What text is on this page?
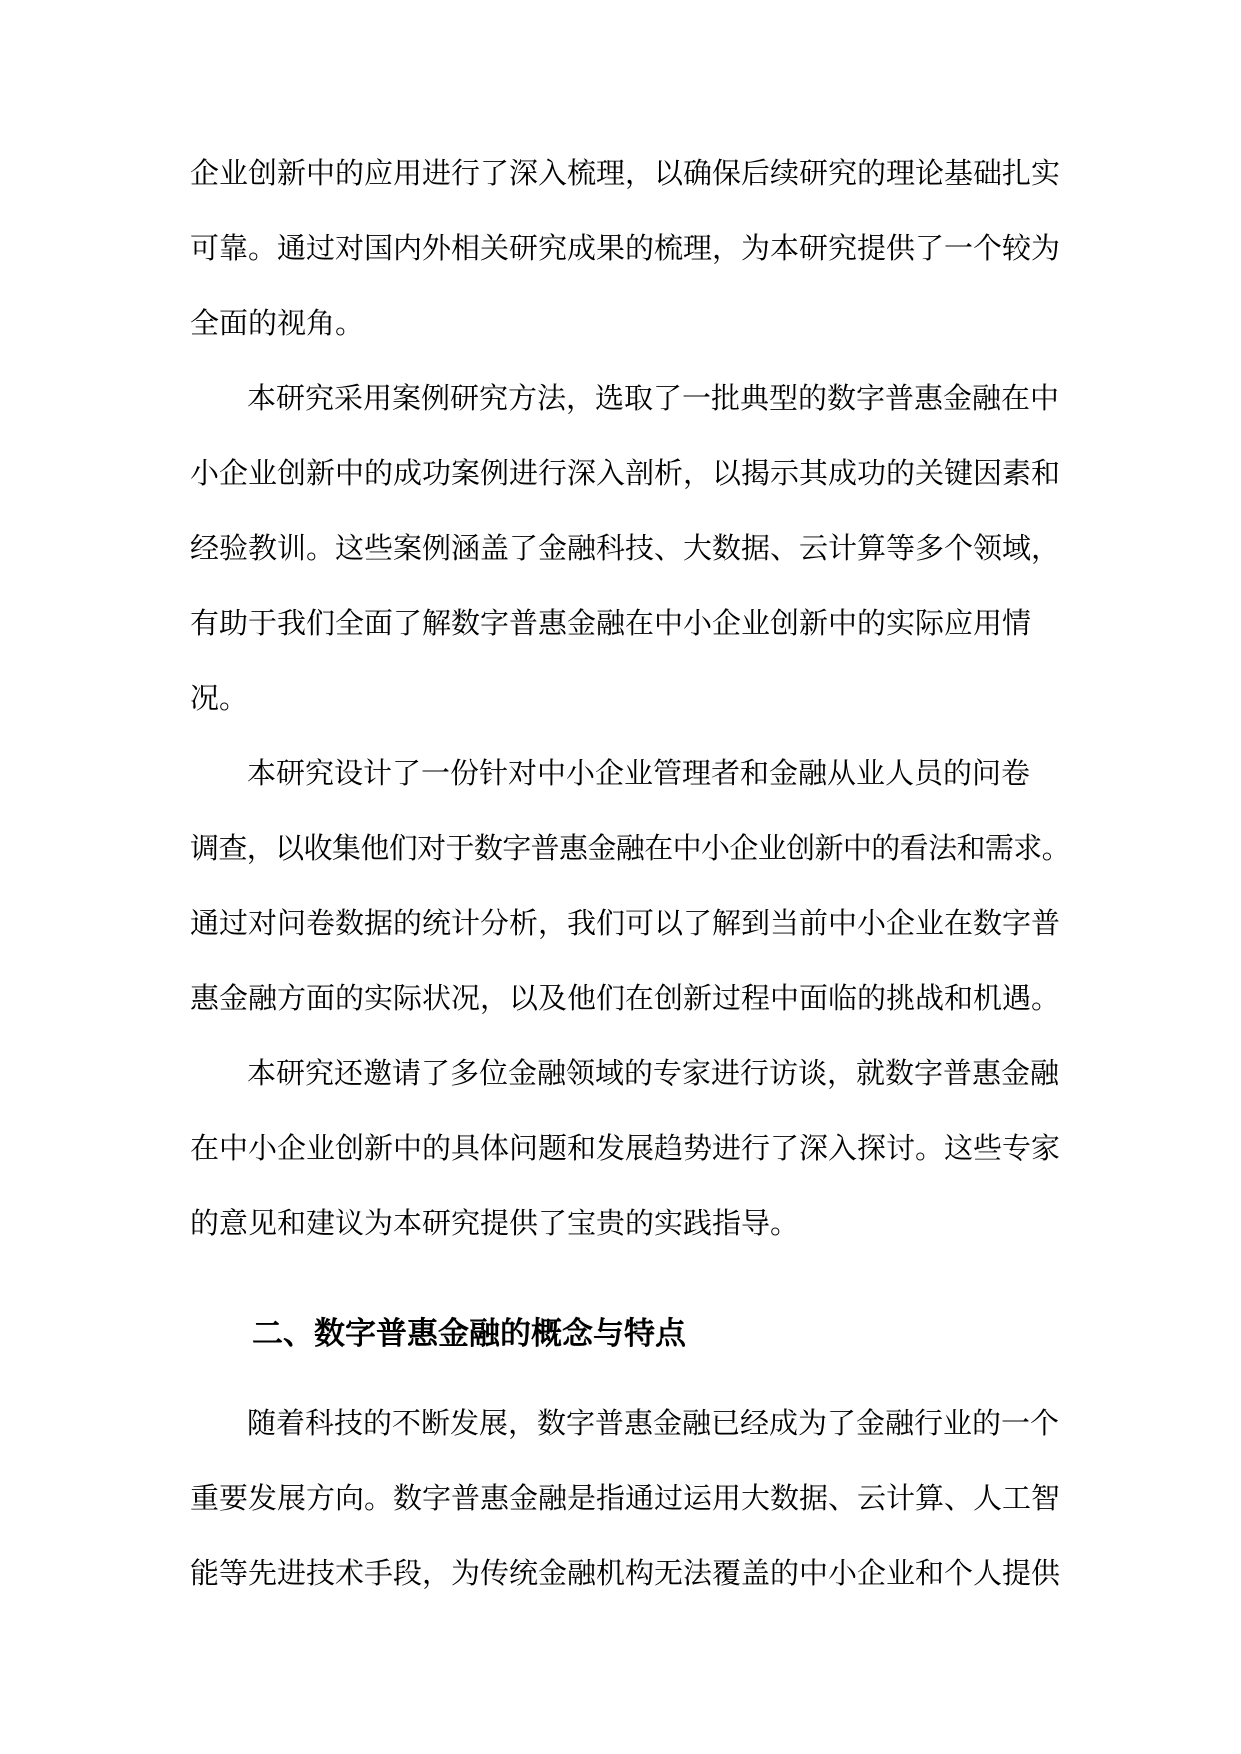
企业创新中的应用进行了深入梳理，以确保后续研究的理论基础扎实
可靠。通过对国内外相关研究成果的梳理，为本研究提供了一个较为
全面的视角。
本研究采用案例研究方法，选取了一批典型的数字普惠金融在中
小企业创新中的成功案例进行深入剖析，以揭示其成功的关键因素和
经验教训。这些案例涵盖了金融科技、大数据、云计算等多个领域，
有助于我们全面了解数字普惠金融在中小企业创新中的实际应用情
况。
本研究设计了一份针对中小企业管理者和金融从业人员的问卷
调查，以收集他们对于数字普惠金融在中小企业创新中的看法和需求。
通过对问卷数据的统计分析，我们可以了解到当前中小企业在数字普
惠金融方面的实际状况，以及他们在创新过程中面临的挑战和机遇。
本研究还邀请了多位金融领域的专家进行访谈，就数字普惠金融
在中小企业创新中的具体问题和发展趋势进行了深入探讨。这些专家
的意见和建议为本研究提供了宝贵的实践指导。
二、数字普惠金融的概念与特点
随着科技的不断发展，数字普惠金融已经成为了金融行业的一个
重要发展方向。数字普惠金融是指通过运用大数据、云计算、人工智
能等先进技术手段，为传统金融机构无法覆盖的中小企业和个人提供
